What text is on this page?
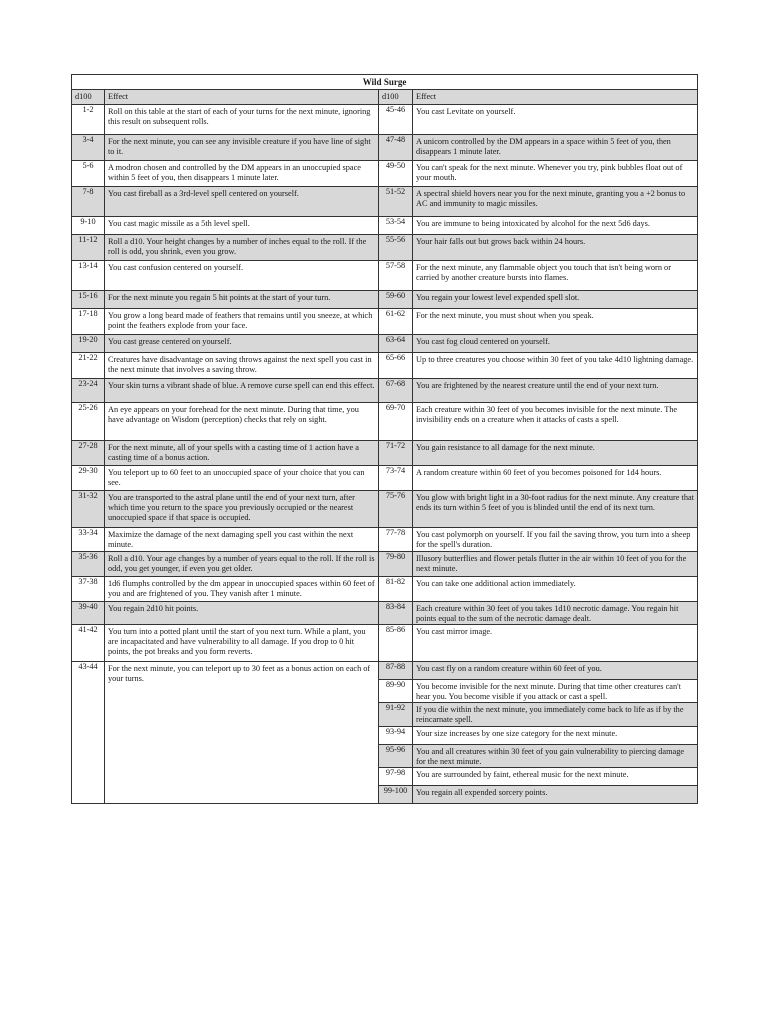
Wild Surge			
d100	Effect	d100	Effect
1-2	Roll on this table at the start of each of your turns for the next minute, ignoring this result on subsequent rolls.	45-46	You cast Levitate on yourself.
3-4	For the next minute, you can see any invisible creature if you have line of sight to it.	47-48	A unicorn controlled by the DM appears in a space within 5 feet of you, then disappears 1 minute later.
5-6	A modron chosen and controlled by the DM appears in an unoccupied space within 5 feet of you, then disappears 1 minute later.	49-50	You can't speak for the next minute. Whenever you try, pink bubbles float out of your mouth.
7-8	You cast fireball as a 3rd-level spell centered on yourself.	51-52	A spectral shield hovers near you for the next minute, granting you a +2 bonus to AC and immunity to magic missiles.
9-10	You cast magic missile as a 5th level spell.	53-54	You are immune to being intoxicated by alcohol for the next 5d6 days.
11-12	Roll a d10. Your height changes by a number of inches equal to the roll. If the roll is odd, you shrink, even you grow.	55-56	Your hair falls out but grows back within 24 hours.
13-14	You cast confusion centered on yourself.	57-58	For the next minute, any flammable object you touch that isn't being worn or carried by another creature bursts into flames.
15-16	For the next minute you regain 5 hit points at the start of your turn.	59-60	You regain your lowest level expended spell slot.
17-18	You grow a long beard made of feathers that remains until you sneeze, at which point the feathers explode from your face.	61-62	For the next minute, you must shout when you speak.
19-20	You cast grease centered on yourself.	63-64	You cast fog cloud centered on yourself.
21-22	Creatures have disadvantage on saving throws against the next spell you cast in the next minute that involves a saving throw.	65-66	Up to three creatures you choose within 30 feet of you take 4d10 lightning damage.
23-24	Your skin turns a vibrant shade of blue. A remove curse spell can end this effect.	67-68	You are frightened by the nearest creature until the end of your next turn.
25-26	An eye appears on your forehead for the next minute. During that time, you have advantage on Wisdom (perception) checks that rely on sight.	69-70	Each creature within 30 feet of you becomes invisible for the next minute. The invisibility ends on a creature when it attacks of casts a spell.
27-28	For the next minute, all of your spells with a casting time of 1 action have a casting time of a bonus action.	71-72	You gain resistance to all damage for the next minute.
29-30	You teleport up to 60 feet to an unoccupied space of your choice that you can see.	73-74	A random creature within 60 feet of you becomes poisoned for 1d4 hours.
31-32	You are transported to the astral plane until the end of your next turn, after which time you return to the space you previously occupied or the nearest unoccupied space if that space is occupied.	75-76	You glow with bright light in a 30-foot radius for the next minute. Any creature that ends its turn within 5 feet of you is blinded until the end of its next turn.
33-34	Maximize the damage of the next damaging spell you cast within the next minute.	77-78	You cast polymorph on yourself. If you fail the saving throw, you turn into a sheep for the spell's duration.
35-36	Roll a d10. Your age changes by a number of years equal to the roll. If the roll is odd, you get younger, if even you get older.	79-80	Illusory butterflies and flower petals flutter in the air within 10 feet of you for the next minute.
37-38	1d6 flumphs controlled by the dm appear in unoccupied spaces within 60 feet of you and are frightened of you. They vanish after 1 minute.	81-82	You can take one additional action immediately.
39-40	You regain 2d10 hit points.	83-84	Each creature within 30 feet of you takes 1d10 necrotic damage. You regain hit points equal to the sum of the necrotic damage dealt.
41-42	You turn into a potted plant until the start of you next turn. While a plant, you are incapacitated and have vulnerability to all damage. If you drop to 0 hit points, the pot breaks and you form reverts.	85-86	You cast mirror image.
43-44	For the next minute, you can teleport up to 30 feet as a bonus action on each of your turns.	87-88	You cast fly on a random creature within 60 feet of you.
		89-90	You become invisible for the next minute. During that time other creatures can't hear you. You become visible if you attack or cast a spell.
		91-92	If you die within the next minute, you immediately come back to life as if by the reincarnate spell.
		93-94	Your size increases by one size category for the next minute.
		95-96	You and all creatures within 30 feet of you gain vulnerability to piercing damage for the next minute.
		97-98	You are surrounded by faint, ethereal music for the next minute.
		99-100	You regain all expended sorcery points.
